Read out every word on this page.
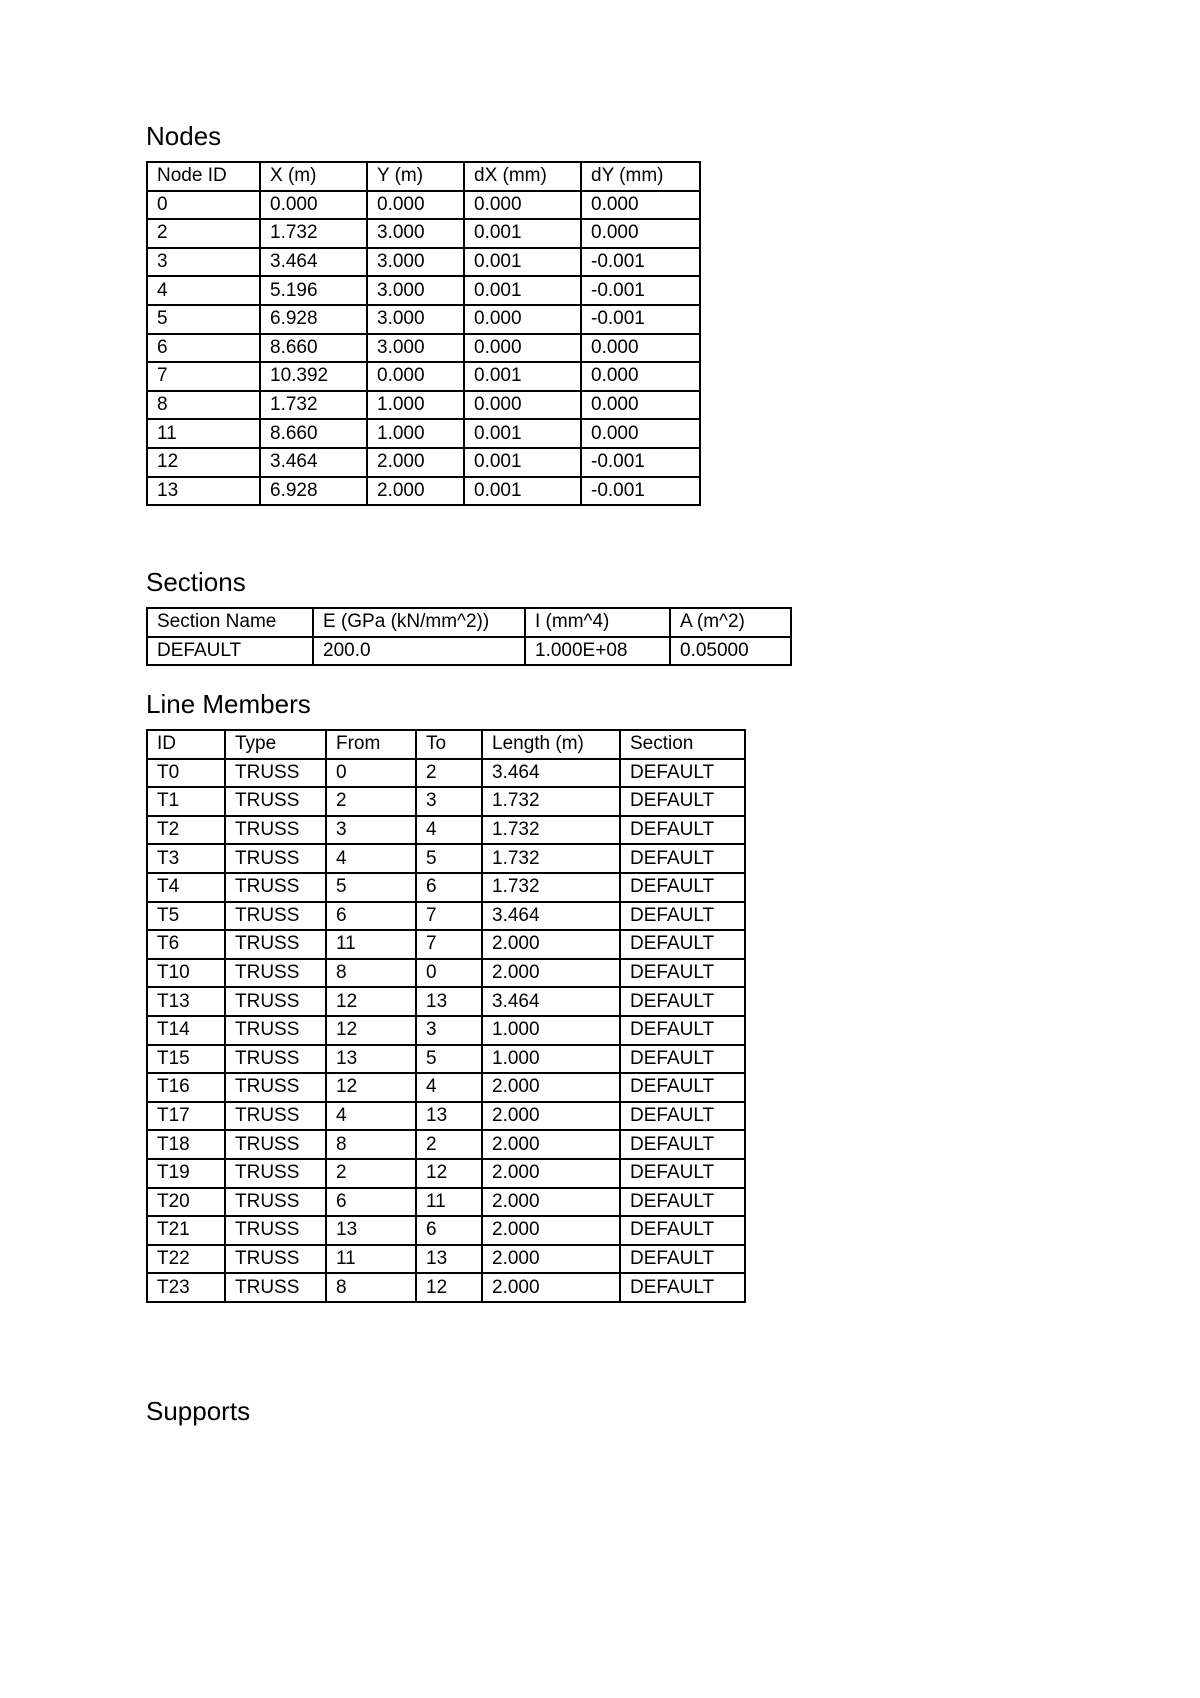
Nodes
Node ID	X (m)	Y (m)	dX (mm)	dY (mm)
0	0.000	0.000	0.000	0.000
2	1.732	3.000	0.001	0.000
3	3.464	3.000	0.001	-0.001
4	5.196	3.000	0.001	-0.001
5	6.928	3.000	0.000	-0.001
6	8.660	3.000	0.000	0.000
7	10.392	0.000	0.001	0.000
8	1.732	1.000	0.000	0.000
11	8.660	1.000	0.001	0.000
12	3.464	2.000	0.001	-0.001
13	6.928	2.000	0.001	-0.001
Sections
Section Name	E (GPa (kN/mm^2))	I (mm^4)	A (m^2)
DEFAULT	200.0	1.000E+08	0.05000
Line Members
ID	Type	From	To	Length (m)	Section
T0	TRUSS	0	2	3.464	DEFAULT
T1	TRUSS	2	3	1.732	DEFAULT
T2	TRUSS	3	4	1.732	DEFAULT
T3	TRUSS	4	5	1.732	DEFAULT
T4	TRUSS	5	6	1.732	DEFAULT
T5	TRUSS	6	7	3.464	DEFAULT
T6	TRUSS	11	7	2.000	DEFAULT
T10	TRUSS	8	0	2.000	DEFAULT
T13	TRUSS	12	13	3.464	DEFAULT
T14	TRUSS	12	3	1.000	DEFAULT
T15	TRUSS	13	5	1.000	DEFAULT
T16	TRUSS	12	4	2.000	DEFAULT
T17	TRUSS	4	13	2.000	DEFAULT
T18	TRUSS	8	2	2.000	DEFAULT
T19	TRUSS	2	12	2.000	DEFAULT
T20	TRUSS	6	11	2.000	DEFAULT
T21	TRUSS	13	6	2.000	DEFAULT
T22	TRUSS	11	13	2.000	DEFAULT
T23	TRUSS	8	12	2.000	DEFAULT
Supports
